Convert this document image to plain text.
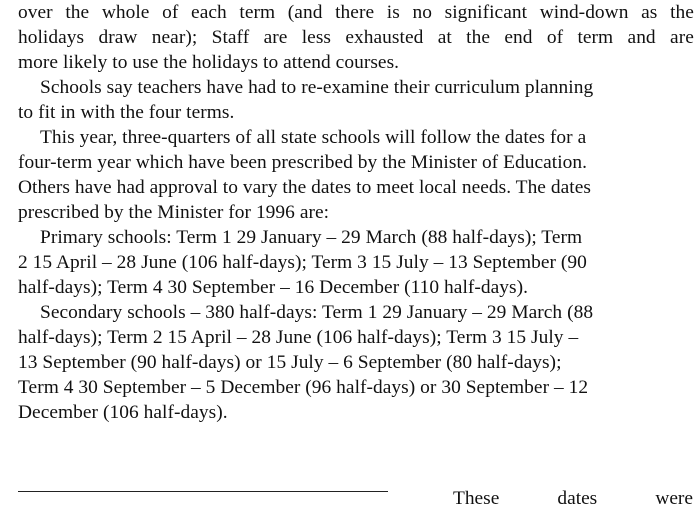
over the whole of each term (and there is no significant wind-down as the
holidays draw near); Staff are less exhausted at the end of term and are
more likely to use the holidays to attend courses.
Schools say teachers have had to re-examine their curriculum planning
to fit in with the four terms.
This year, three-quarters of all state schools will follow the dates for a
four-term year which have been prescribed by the Minister of Education.
Others have had approval to vary the dates to meet local needs. The dates
prescribed by the Minister for 1996 are:
Primary schools: Term 1 29 January – 29 March (88 half-days); Term
2 15 April – 28 June (106 half-days); Term 3 15 July – 13 September (90
half-days); Term 4 30 September – 16 December (110 half-days).
Secondary schools – 380 half-days: Term 1 29 January – 29 March (88
half-days); Term 2 15 April – 28 June (106 half-days); Term 3 15 July –
13 September (90 half-days) or 15 July – 6 September (80 half-days);
Term 4 30 September – 5 December (96 half-days) or 30 September – 12
December (106 half-days).
These	dates	were
